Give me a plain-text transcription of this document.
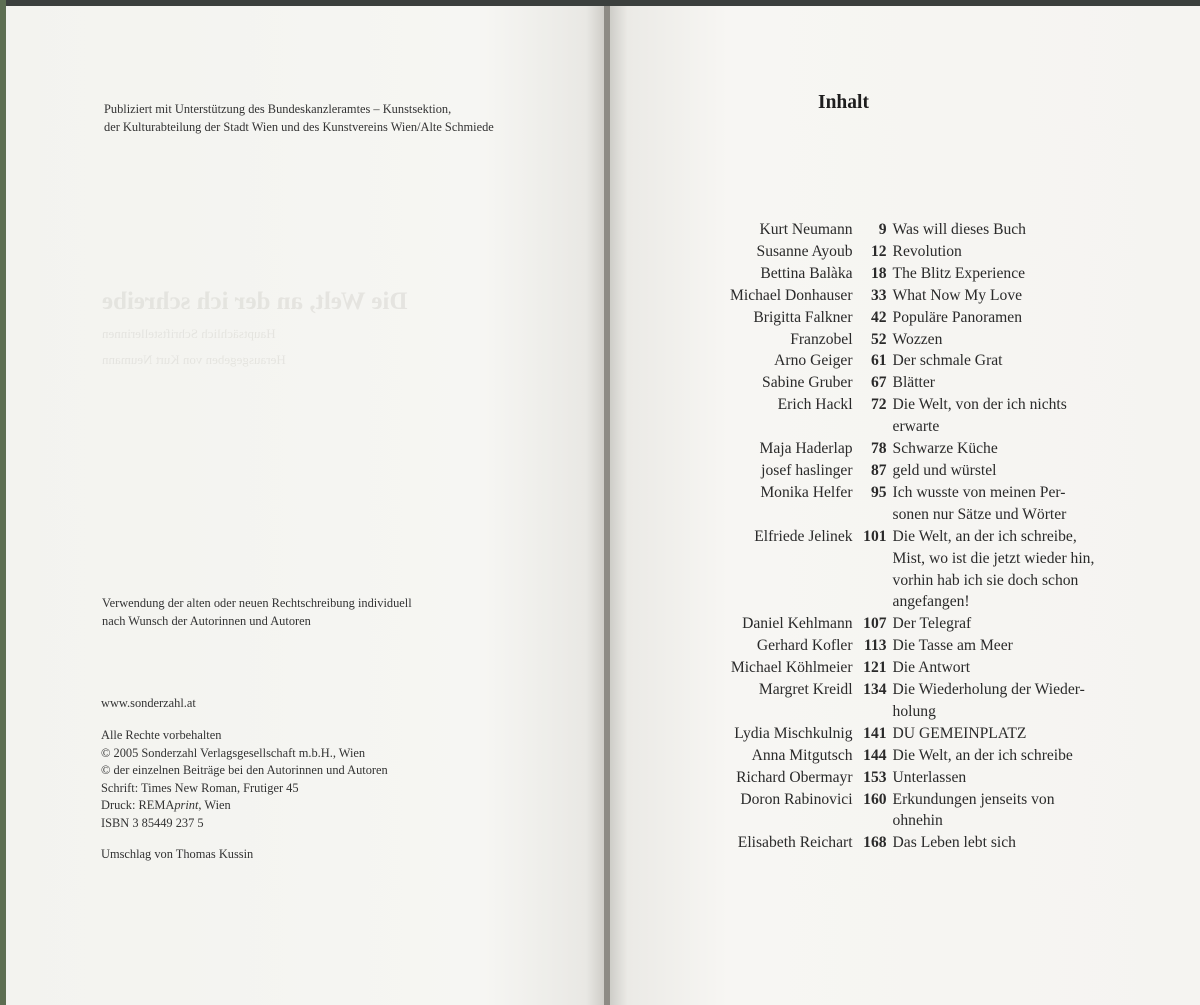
Die Welt, an der ich schreibe
Hauptsächlich Schriftstellerinnen
Herausgegeben von Kurt Neumann
Publiziert mit Unterstützung des Bundeskanzleramtes – Kunstsektion,
der Kulturabteilung der Stadt Wien und des Kunstvereins Wien/Alte Schmiede
Verwendung der alten oder neuen Rechtschreibung individuell
nach Wunsch der Autorinnen und Autoren
www.sonderzahl.at
Alle Rechte vorbehalten
© 2005 Sonderzahl Verlagsgesellschaft m.b.H., Wien
© der einzelnen Beiträge bei den Autorinnen und Autoren
Schrift: Times New Roman, Frutiger 45
Druck: REMAprint, Wien
ISBN 3 85449 237 5
Umschlag von Thomas Kussin
Inhalt
Kurt Neumann	9	Was will dieses Buch

Susanne Ayoub	12	Revolution

Bettina Balàka	18	The Blitz Experience

Michael Donhauser	33	What Now My Love

Brigitta Falkner	42	Populäre Panoramen

Franzobel	52	Wozzen

Arno Geiger	61	Der schmale Grat

Sabine Gruber	67	Blätter

Erich Hackl	72	Die Welt, von der ich nichts
erwarte

Maja Haderlap	78	Schwarze Küche

josef haslinger	87	geld und würstel

Monika Helfer	95	Ich wusste von meinen Per-
sonen nur Sätze und Wörter

Elfriede Jelinek	101	Die Welt, an der ich schreibe,
Mist, wo ist die jetzt wieder hin,
vorhin hab ich sie doch schon
angefangen!

Daniel Kehlmann	107	Der Telegraf

Gerhard Kofler	113	Die Tasse am Meer

Michael Köhlmeier	121	Die Antwort

Margret Kreidl	134	Die Wiederholung der Wieder-
holung

Lydia Mischkulnig	141	DU GEMEINPLATZ

Anna Mitgutsch	144	Die Welt, an der ich schreibe

Richard Obermayr	153	Unterlassen

Doron Rabinovici	160	Erkundungen jenseits von
ohnehin

Elisabeth Reichart	168	Das Leben lebt sich
